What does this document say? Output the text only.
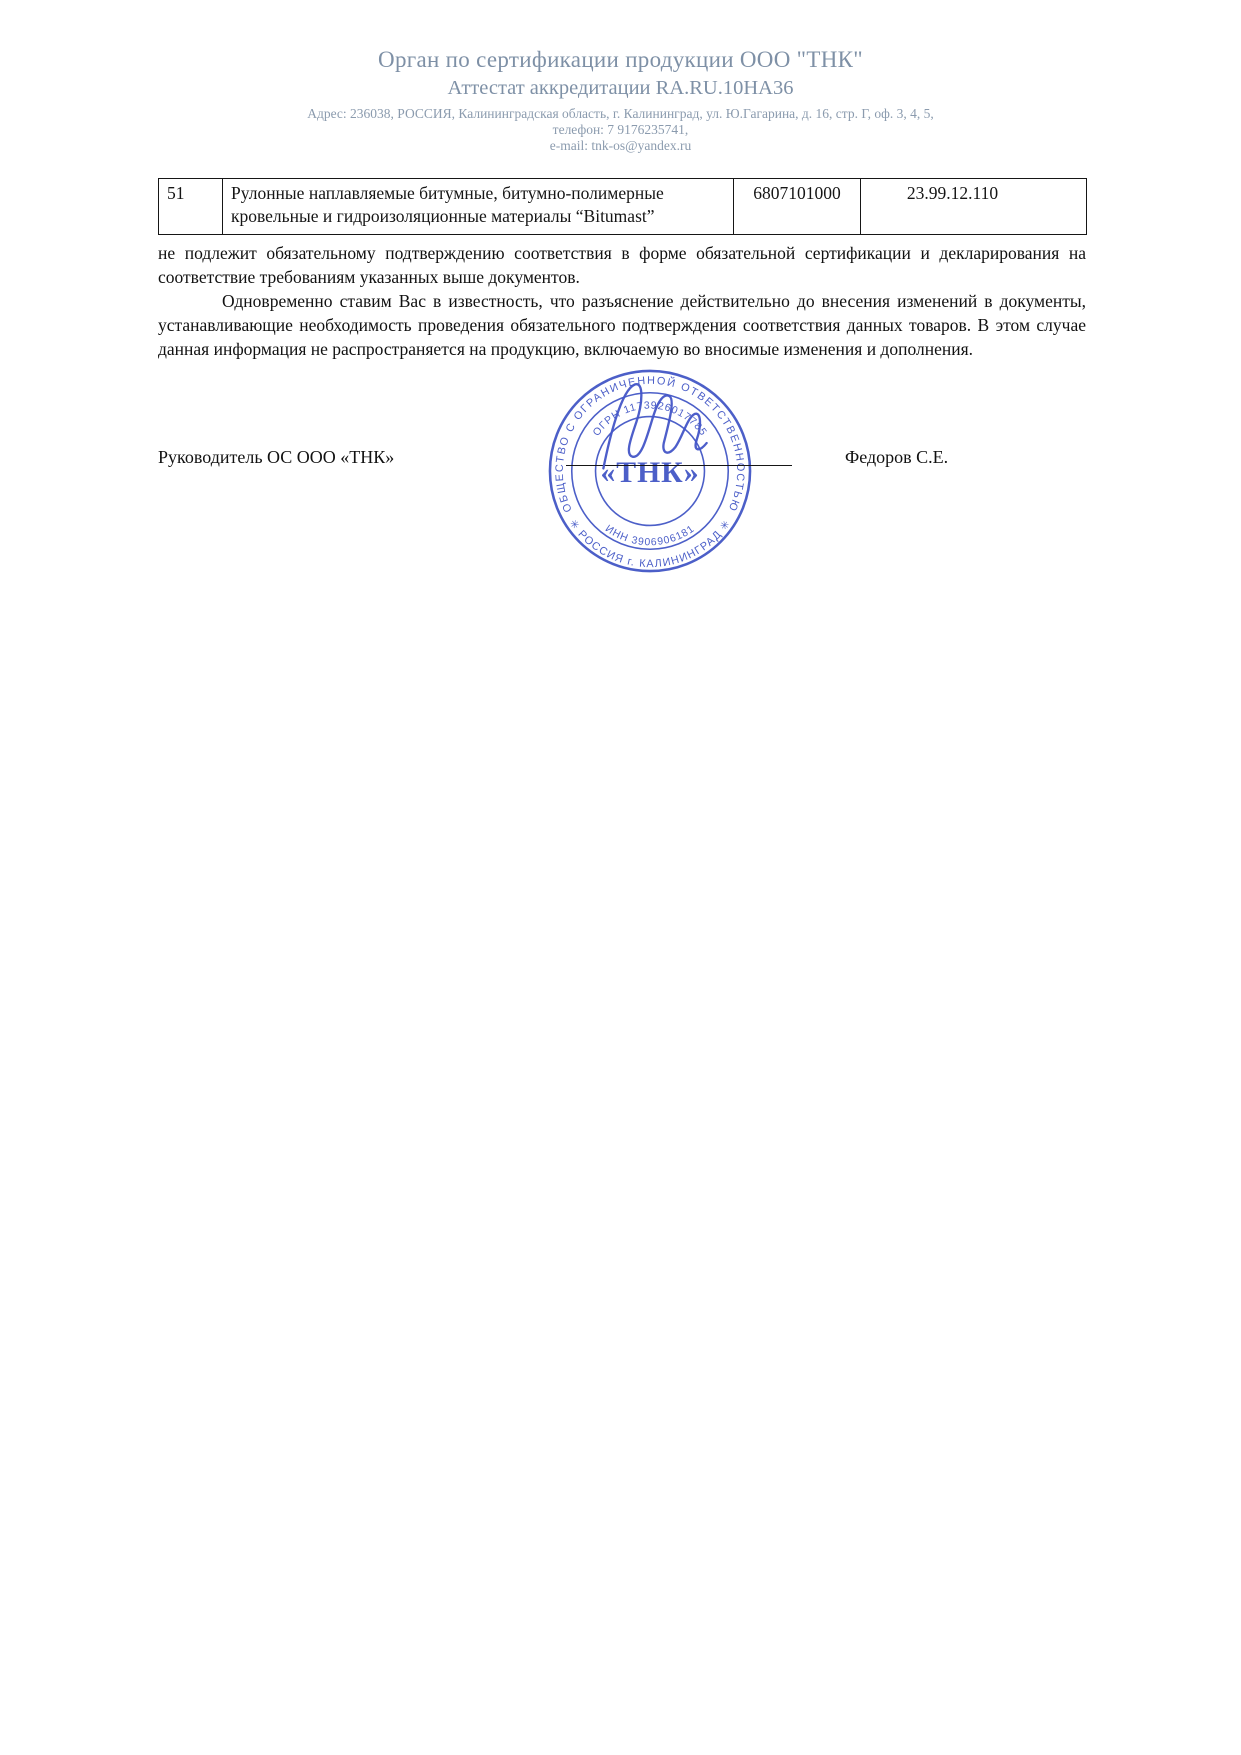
Орган по сертификации продукции ООО "ТНК"
Аттестат аккредитации RA.RU.10НА36
Адрес: 236038, РОССИЯ, Калининградская область, г. Калининград, ул. Ю.Гагарина, д. 16, стр. Г, оф. 3, 4, 5,
телефон: 7 9176235741,
e-mail: tnk-os@yandex.ru
51	Рулонные наплавляемые битумные, битумно-полимерные кровельные и гидроизоляционные материалы “Bitumast”	6807101000	23.99.12.110

не подлежит обязательному подтверждению соответствия в форме обязательной сертификации и декларирования на соответствие требованиям указанных выше документов.

Одновременно ставим Вас в известность, что разъяснение действительно до внесения изменений в документы, устанавливающие необходимость проведения обязательного подтверждения соответствия данных товаров. В этом случае данная информация не распространяется на продукцию, включаемую во вносимые изменения и дополнения.

Руководитель ОС ООО «ТНК»
ОБЩЕСТВО С ОГРАНИЧЕННОЙ ОТВЕТСТВЕННОСТЬЮ
✳ РОССИЯ г. КАЛИНИНГРАД ✳
ОГРН 1173926017785
ИНН 3906906181
«ТНК»	Федоров С.Е.
